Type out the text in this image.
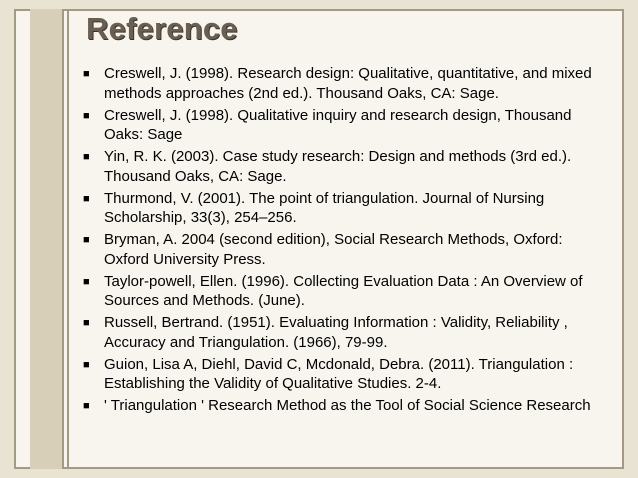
Reference
■ Creswell, J. (1998). Research design: Qualitative, quantitative, and mixed methods approaches (2nd ed.). Thousand Oaks, CA: Sage.
■ Creswell, J. (1998). Qualitative inquiry and research design, Thousand Oaks: Sage
■ Yin, R. K. (2003). Case study research: Design and methods (3rd ed.). Thousand Oaks, CA: Sage.
■ Thurmond, V. (2001). The point of triangulation. Journal of Nursing Scholarship, 33(3), 254–256.
■ Bryman, A. 2004 (second edition), Social Research Methods, Oxford: Oxford University Press.
■ Taylor-powell, Ellen. (1996). Collecting Evaluation Data : An Overview of Sources and Methods. (June).
■ Russell, Bertrand. (1951). Evaluating Information : Validity, Reliability , Accuracy and Triangulation. (1966), 79-99.
■ Guion, Lisa A, Diehl, David C, Mcdonald, Debra. (2011). Triangulation : Establishing the Validity of Qualitative Studies. 2-4.
■ ' Triangulation ' Research Method as the Tool of Social Science Research
